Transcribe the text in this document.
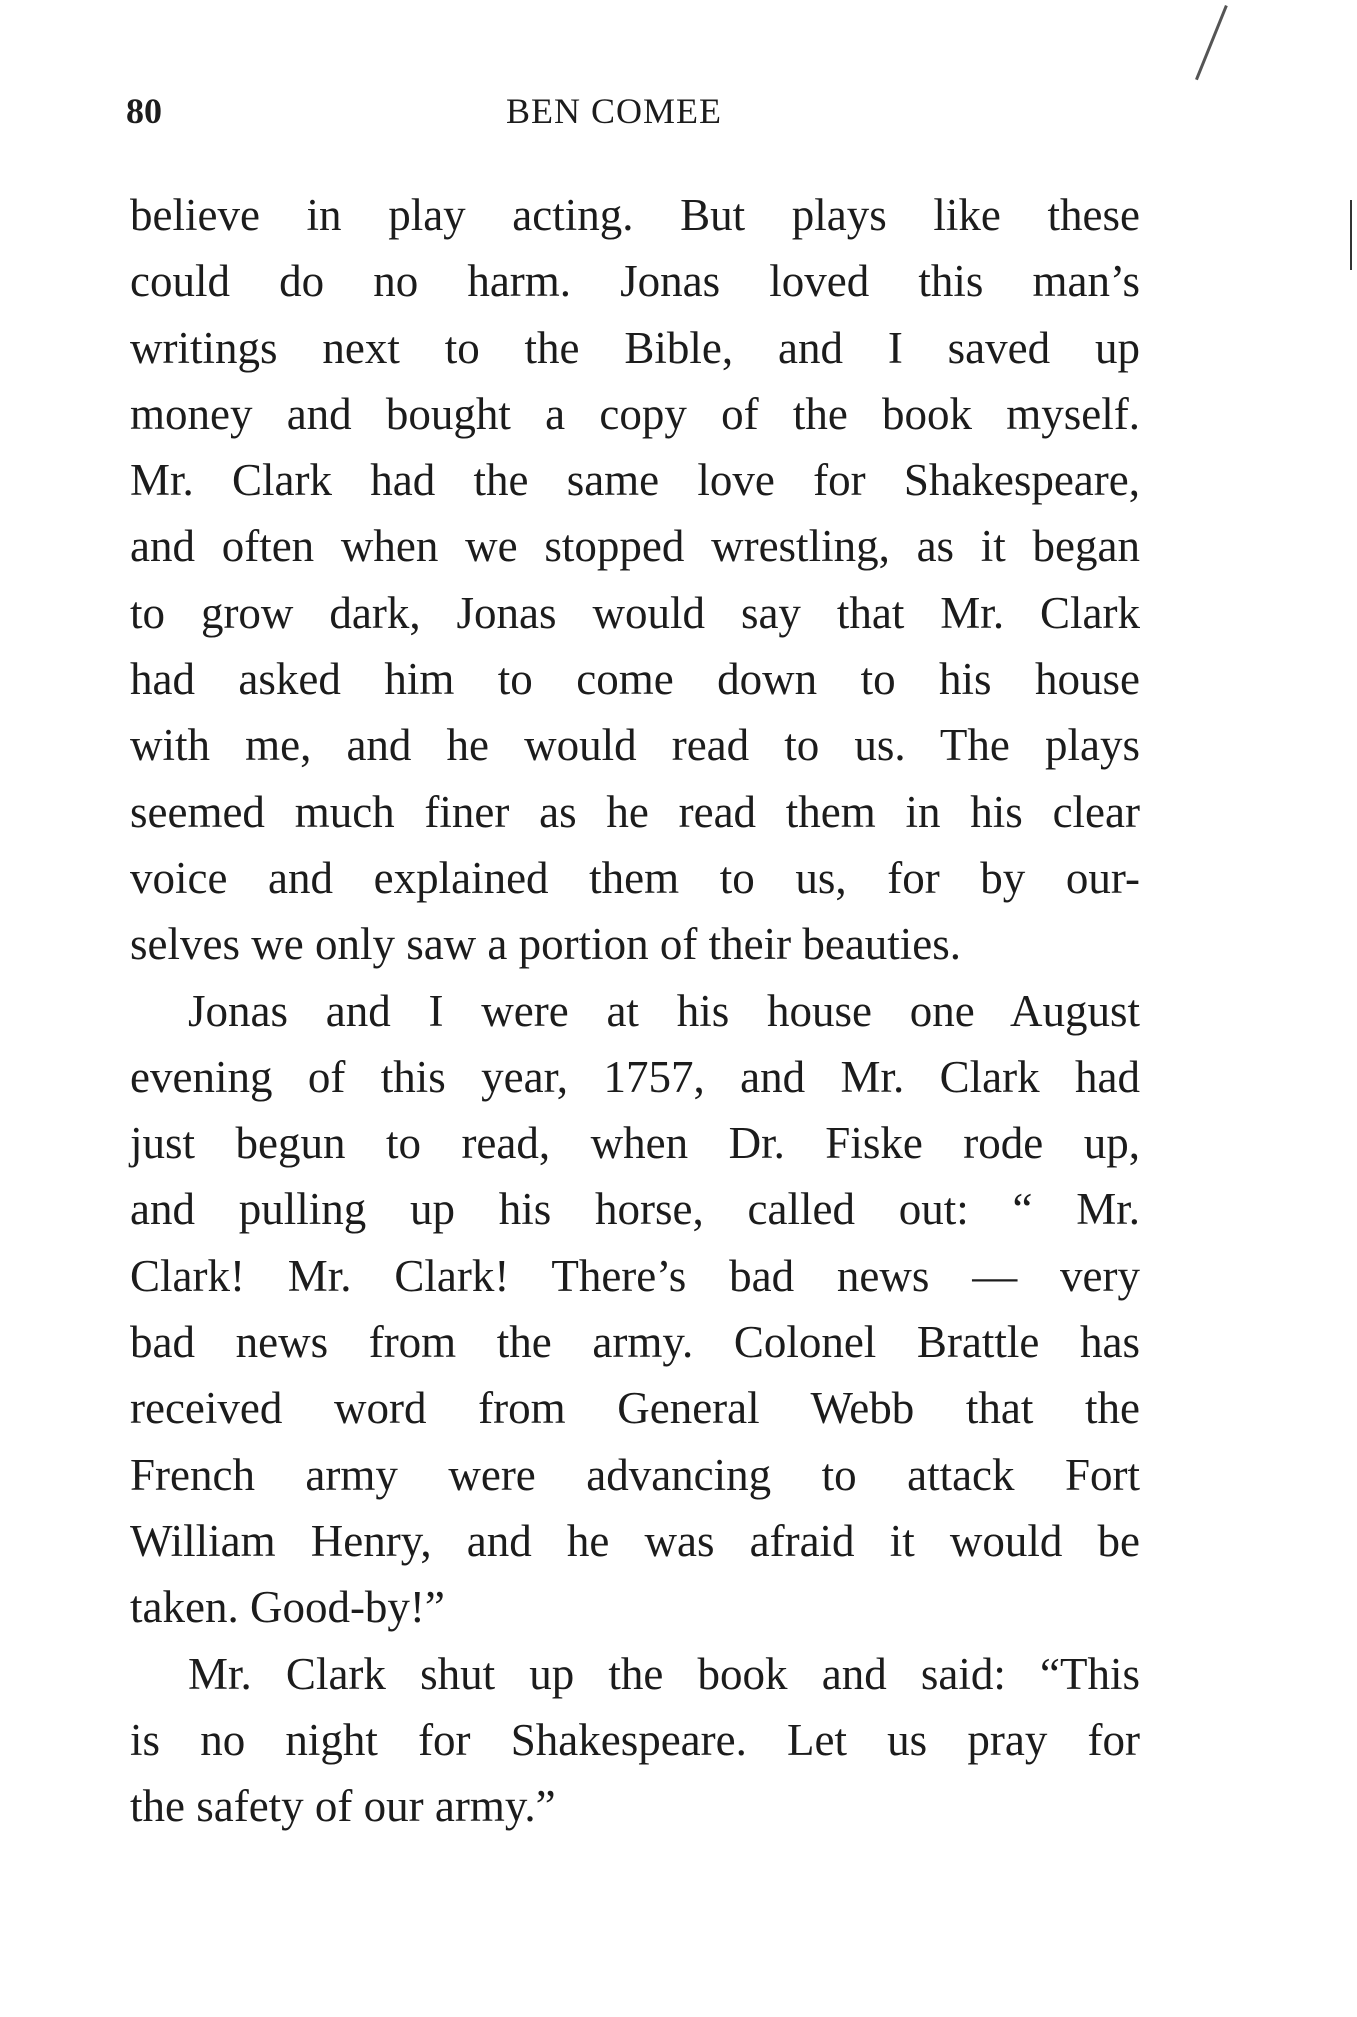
80	BEN COMEE
believe in play acting. But plays like these
could do no harm. Jonas loved this man’s
writings next to the Bible, and I saved up
money and bought a copy of the book myself.
Mr. Clark had the same love for Shakespeare,
and often when we stopped wrestling, as it began
to grow dark, Jonas would say that Mr. Clark
had asked him to come down to his house
with me, and he would read to us. The plays
seemed much finer as he read them in his clear
voice and explained them to us, for by our-
selves we only saw a portion of their beauties.
Jonas and I were at his house one August
evening of this year, 1757, and Mr. Clark had
just begun to read, when Dr. Fiske rode up,
and pulling up his horse, called out: “ Mr.
Clark! Mr. Clark! There’s bad news — very
bad news from the army. Colonel Brattle has
received word from General Webb that the
French army were advancing to attack Fort
William Henry, and he was afraid it would be
taken. Good-by!”
Mr. Clark shut up the book and said: “This
is no night for Shakespeare. Let us pray for
the safety of our army.”
